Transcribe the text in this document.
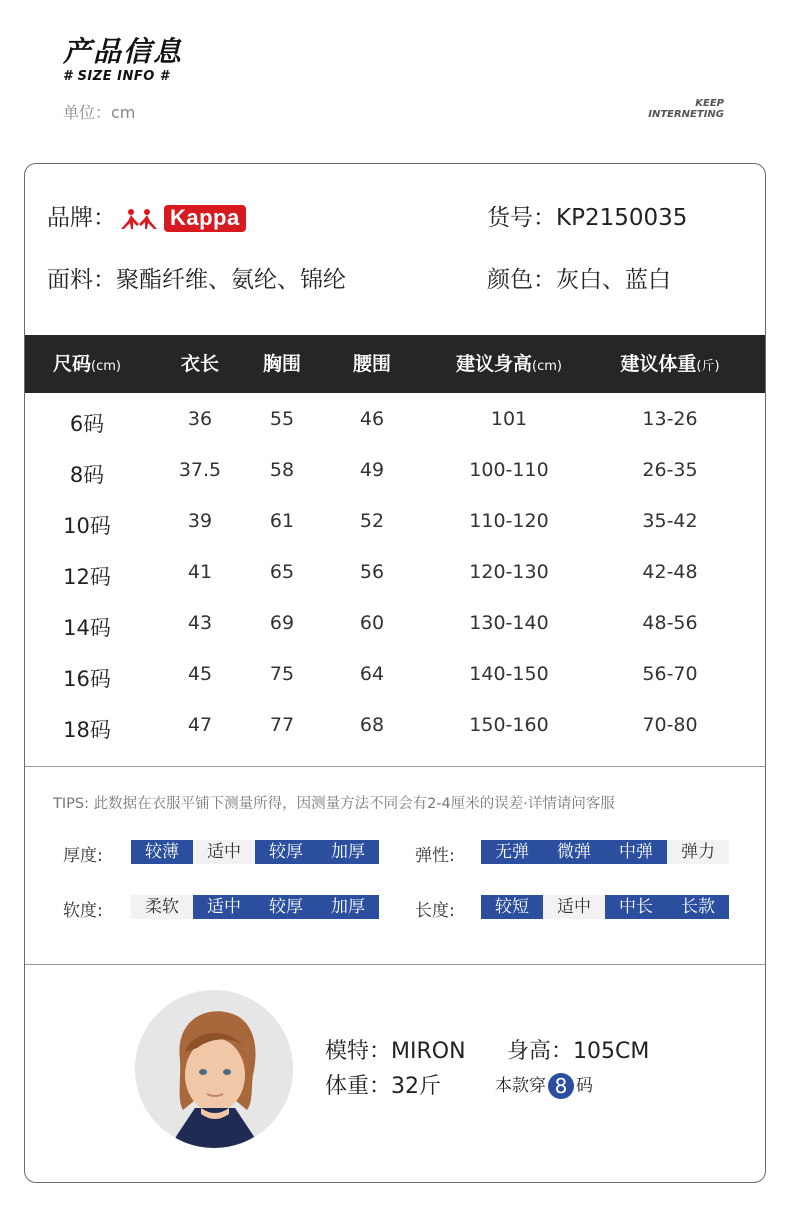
产品信息
# SIZE INFO #
单位：cm	KEEP
INTERNETING
品牌： Kappa	货号：KP2150035
面料：聚酯纤维、氨纶、锦纶	颜色：灰白、蓝白
尺码(cm)	衣长	胸围	腰围	建议身高(cm)	建议体重(斤)
6码	36	55	46	101	13-26
8码	37.5	58	49	100-110	26-35
10码	39	61	52	110-120	35-42
12码	41	65	56	120-130	42-48
14码	43	69	60	130-140	48-56
16码	45	75	64	140-150	56-70
18码	47	77	68	150-160	70-80
TIPS: 此数据在衣服平铺下测量所得，因测量方法不同会有2-4厘米的误差·详情请问客服
厚度:	较薄	适中	较厚	加厚	弹性:	无弹	微弹	中弹	弹力
软度:	柔软	适中	较厚	加厚	长度:	较短	适中	中长	长款
模特：MIRON 身高：105CM
体重：32斤	本款穿 8 码
